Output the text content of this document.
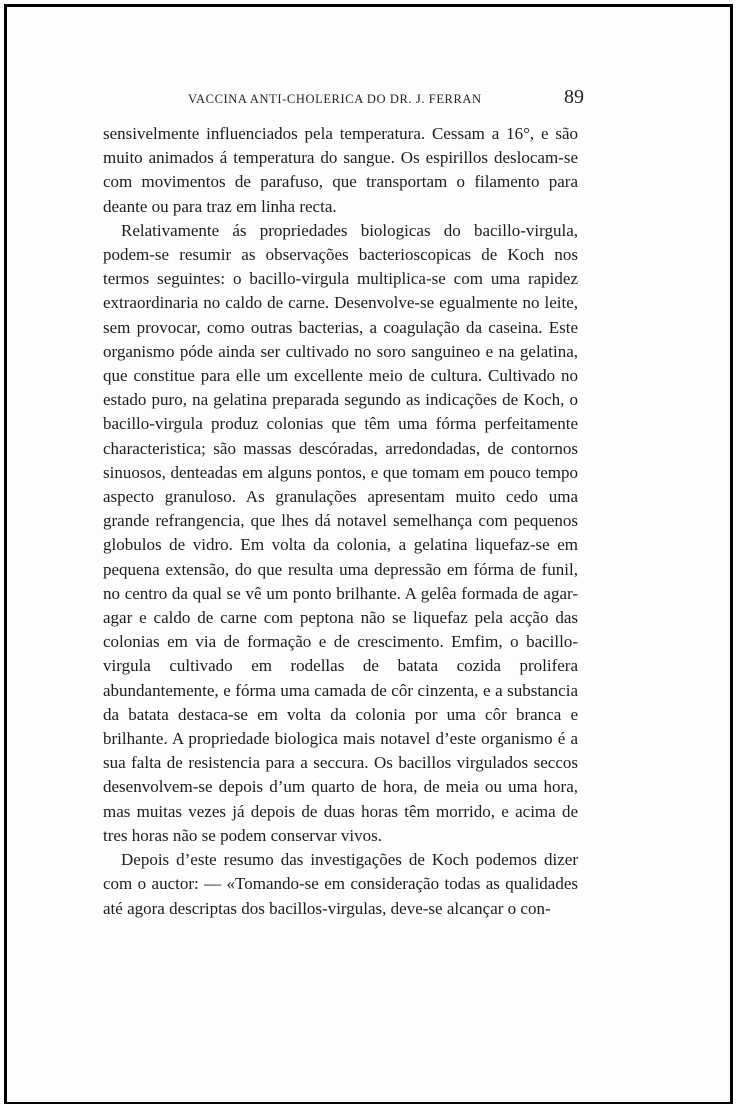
VACCINA ANTI-CHOLERICA DO DR. J. FERRAN	89

sensivelmente influenciados pela temperatura. Cessam a 16°, e são muito animados á temperatura do sangue. Os espirillos deslocam-se com movimentos de parafuso, que transportam o filamento para deante ou para traz em linha recta.

Relativamente ás propriedades biologicas do bacillo-virgula, podem-se resumir as observações bacterioscopicas de Koch nos termos seguintes: o bacillo-virgula multiplica-se com uma rapidez extraordinaria no caldo de carne. Desenvolve-se egualmente no leite, sem provocar, como outras bacterias, a coagulação da caseina. Este organismo póde ainda ser cultivado no soro sanguineo e na gelatina, que constitue para elle um excellente meio de cultura. Cultivado no estado puro, na gelatina preparada segundo as indicações de Koch, o bacillo-virgula produz colonias que têm uma fórma perfeitamente characteristica; são massas descóradas, arredondadas, de contornos sinuosos, denteadas em alguns pontos, e que tomam em pouco tempo aspecto granuloso. As granulações apresentam muito cedo uma grande refrangencia, que lhes dá notavel semelhança com pequenos globulos de vidro. Em volta da colonia, a gelatina liquefaz-se em pequena extensão, do que resulta uma depressão em fórma de funil, no centro da qual se vê um ponto brilhante. A gelêa formada de agar-agar e caldo de carne com peptona não se liquefaz pela acção das colonias em via de formação e de crescimento. Emfim, o bacillo-virgula cultivado em rodellas de batata cozida prolifera abundantemente, e fórma uma camada de côr cinzenta, e a substancia da batata destaca-se em volta da colonia por uma côr branca e brilhante. A propriedade biologica mais notavel d’este organismo é a sua falta de resistencia para a seccura. Os bacillos virgulados seccos desenvolvem-se depois d’um quarto de hora, de meia ou uma hora, mas muitas vezes já depois de duas horas têm morrido, e acima de tres horas não se podem conservar vivos.

Depois d’este resumo das investigações de Koch podemos dizer com o auctor: — «Tomando-se em consideração todas as qualidades até agora descriptas dos bacillos-virgulas, deve-se alcançar o con-
